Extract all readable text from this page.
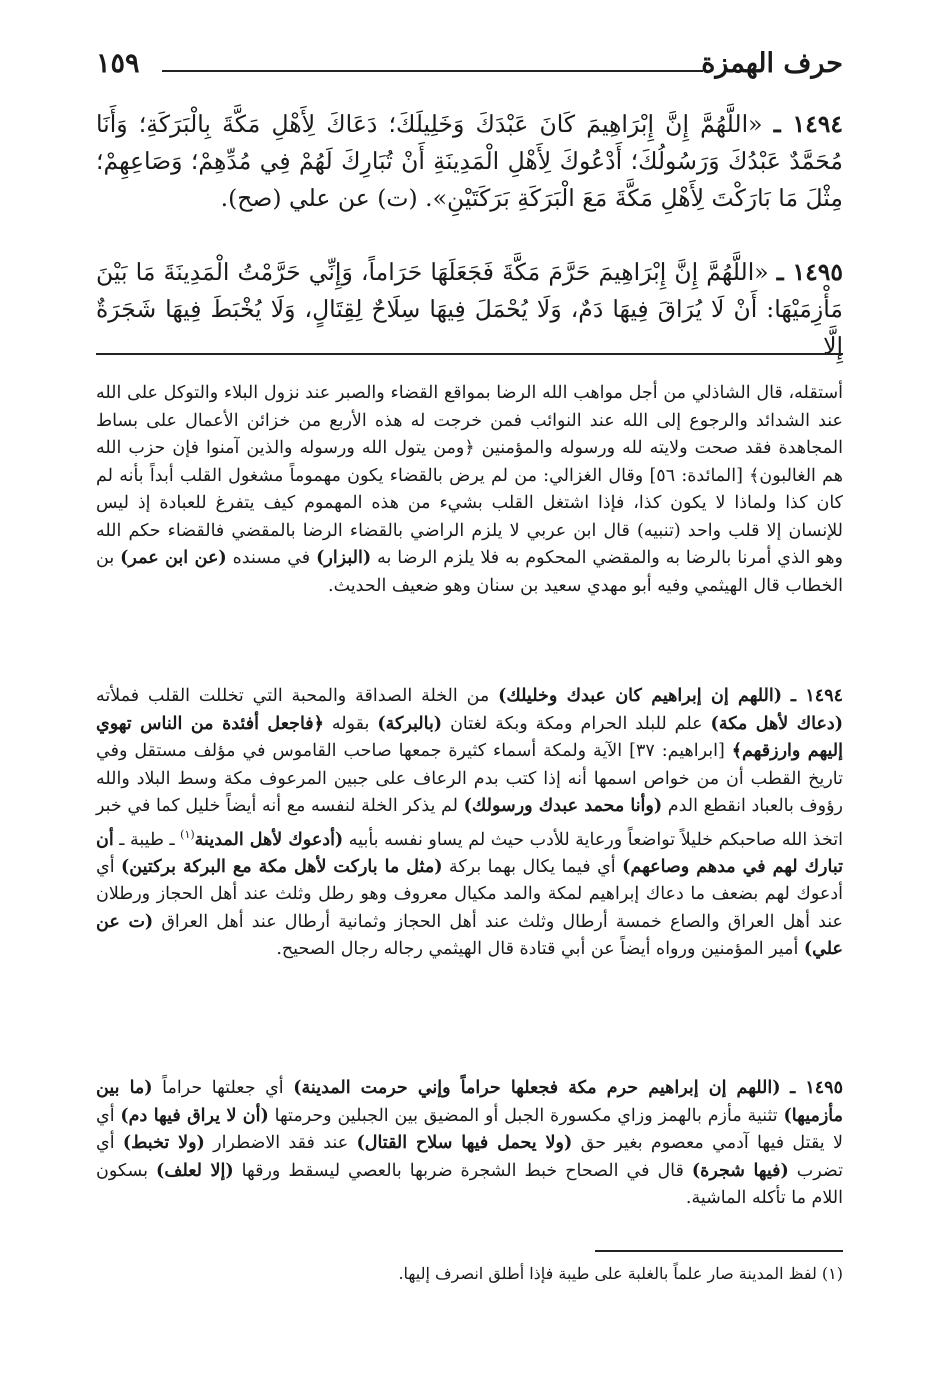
حرف الهمزة
١٥٩
١٤٩٤ ـ «اللَّهُمَّ إِنَّ إِبْرَاهِيمَ كَانَ عَبْدَكَ وَخَلِيلَكَ؛ دَعَاكَ لِأَهْلِ مَكَّةَ بِالْبَرَكَةِ؛ وَأَنَا مُحَمَّدٌ عَبْدُكَ وَرَسُولُكَ؛ أَدْعُوكَ لِأَهْلِ الْمَدِينَةِ أَنْ تُبَارِكَ لَهُمْ فِي مُدِّهِمْ؛ وَصَاعِهِمْ؛ مِثْلَ مَا بَارَكْتَ لِأَهْلِ مَكَّةَ مَعَ الْبَرَكَةِ بَرَكَتَيْنِ». (ت) عن علي (صح).
١٤٩٥ ـ «اللَّهُمَّ إِنَّ إِبْرَاهِيمَ حَرَّمَ مَكَّةَ فَجَعَلَهَا حَرَاماً، وَإِنِّي حَرَّمْتُ الْمَدِينَةَ مَا بَيْنَ مَأْزِمَيْهَا: أَنْ لَا يُرَاقَ فِيهَا دَمٌ، وَلَا يُحْمَلَ فِيهَا سِلَاحٌ لِقِتَالٍ، وَلَا يُخْبَطَ فِيهَا شَجَرَةٌ إِلَّا
أستقله، قال الشاذلي من أجل مواهب الله الرضا بمواقع القضاء والصبر عند نزول البلاء والتوكل على الله عند الشدائد والرجوع إلى الله عند النوائب فمن خرجت له هذه الأربع من خزائن الأعمال على بساط المجاهدة فقد صحت ولايته لله ورسوله والمؤمنين ﴿ومن يتول الله ورسوله والذين آمنوا فإن حزب الله هم الغالبون﴾ [المائدة: ٥٦] وقال الغزالي: من لم يرض بالقضاء يكون مهموماً مشغول القلب أبداً بأنه لم كان كذا ولماذا لا يكون كذا، فإذا اشتغل القلب بشيء من هذه المهموم كيف يتفرغ للعبادة إذ ليس للإنسان إلا قلب واحد (تنبيه) قال ابن عربي لا يلزم الراضي بالقضاء الرضا بالمقضي فالقضاء حكم الله وهو الذي أمرنا بالرضا به والمقضي المحكوم به فلا يلزم الرضا به (البزار) في مسنده (عن ابن عمر) بن الخطاب قال الهيثمي وفيه أبو مهدي سعيد بن سنان وهو ضعيف الحديث.
١٤٩٤ ـ (اللهم إن إبراهيم كان عبدك وخليلك) من الخلة الصداقة والمحبة التي تخللت القلب فملأته (دعاك لأهل مكة) علم للبلد الحرام ومكة وبكة لغتان (بالبركة) بقوله ﴿فاجعل أفئدة من الناس تهوي إليهم وارزقهم﴾ [ابراهيم: ٣٧] الآية ولمكة أسماء كثيرة جمعها صاحب القاموس في مؤلف مستقل وفي تاريخ القطب أن من خواص اسمها أنه إذا كتب بدم الرعاف على جبين المرعوف مكة وسط البلاد والله رؤوف بالعباد انقطع الدم (وأنا محمد عبدك ورسولك) لم يذكر الخلة لنفسه مع أنه أيضاً خليل كما في خبر اتخذ الله صاحبكم خليلاً تواضعاً ورعاية للأدب حيث لم يساو نفسه بأبيه (أدعوك لأهل المدينة$^{(١)}$ ـ طيبة ـ أن تبارك لهم في مدهم وصاعهم) أي فيما يكال بهما بركة (مثل ما باركت لأهل مكة مع البركة بركتين) أي أدعوك لهم بضعف ما دعاك إبراهيم لمكة والمد مكيال معروف وهو رطل وثلث عند أهل الحجاز ورطلان عند أهل العراق والصاع خمسة أرطال وثلث عند أهل الحجاز وثمانية أرطال عند أهل العراق (ت عن علي) أمير المؤمنين ورواه أيضاً عن أبي قتادة قال الهيثمي رجاله رجال الصحيح.
١٤٩٥ ـ (اللهم إن إبراهيم حرم مكة فجعلها حراماً وإني حرمت المدينة) أي جعلتها حراماً (ما بين مأزميها) تثنية مأزم بالهمز وزاي مكسورة الجبل أو المضيق بين الجبلين وحرمتها (أن لا يراق فيها دم) أي لا يقتل فيها آدمي معصوم بغير حق (ولا يحمل فيها سلاح القتال) عند فقد الاضطرار (ولا تخبط) أي تضرب (فيها شجرة) قال في الصحاح خبط الشجرة ضربها بالعصي ليسقط ورقها (إلا لعلف) بسكون اللام ما تأكله الماشية.
(١) لفظ المدينة صار علماً بالغلبة على طيبة فإذا أطلق انصرف إليها.
